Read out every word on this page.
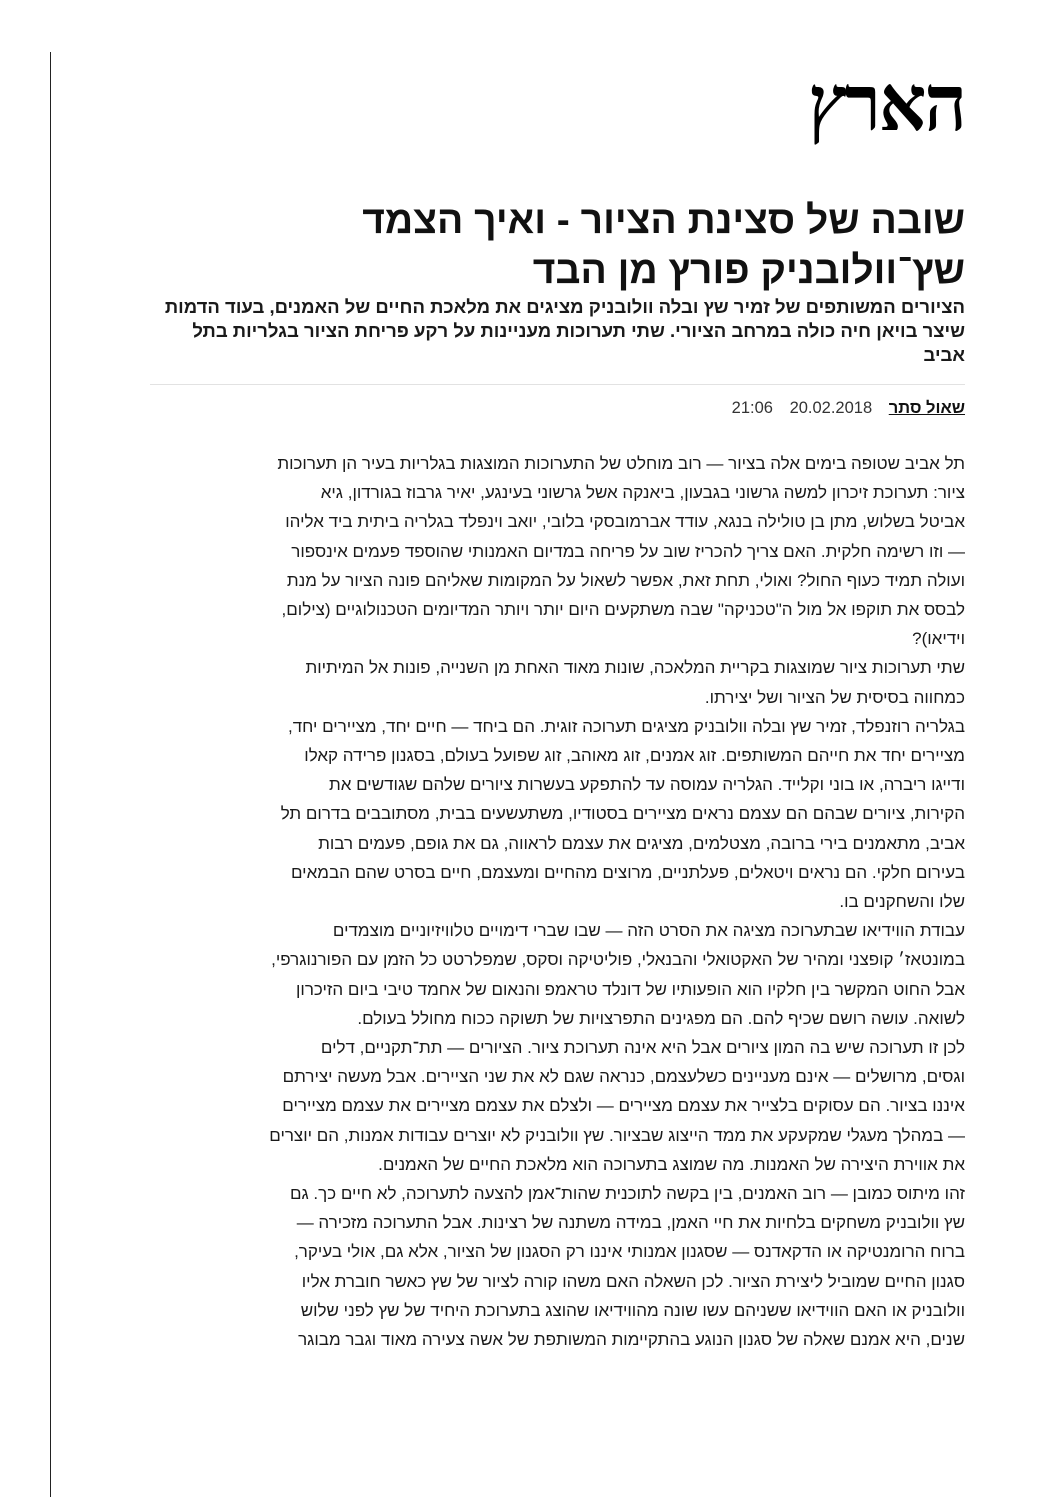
הארץ
שובה של סצינת הציור - ואיך הצמד שץ־וולובניק פורץ מן הבד

הציורים המשותפים של זמיר שץ ובלה וולובניק מציגים את מלאכת החיים של האמנים, בעוד הדמות שיצר בויאן חיה כולה במרחב הציורי. שתי תערוכות מעניינות על רקע פריחת הציור בגלריות בתל אביב

שאול סתר 20.02.2018 21:06

תל אביב שטופה בימים אלה בציור — רוב מוחלט של התערוכות המוצגות בגלריות בעיר הן תערוכות

ציור: תערוכת זיכרון למשה גרשוני בגבעון, ביאנקה אשל גרשוני בעינגע, יאיר גרבוז בגורדון, גיא

אביטל בשלוש, מתן בן טולילה בנגא, עודד אברמובסקי בלובי, יואב וינפלד בגלריה ביתית ביד אליהו

— וזו רשימה חלקית. האם צריך להכריז שוב על פריחה במדיום האמנותי שהוספד פעמים אינספור

ועולה תמיד כעוף החול? ואולי, תחת זאת, אפשר לשאול על המקומות שאליהם פונה הציור על מנת

לבסס את תוקפו אל מול ה"טכניקה" שבה משתקעים היום יותר ויותר המדיומים הטכנולוגיים (צילום,

וידיאו)?

שתי תערוכות ציור שמוצגות בקריית המלאכה, שונות מאוד האחת מן השנייה, פונות אל המיתיות

כמחווה בסיסית של הציור ושל יצירתו.

בגלריה רוזנפלד, זמיר שץ ובלה וולובניק מציגים תערוכה זוגית. הם ביחד — חיים יחד, מציירים יחד,

מציירים יחד את חייהם המשותפים. זוג אמנים, זוג מאוהב, זוג שפועל בעולם, בסגנון פרידה קאלו

ודייגו ריברה, או בוני וקלייד. הגלריה עמוסה עד להתפקע בעשרות ציורים שלהם שגודשים את

הקירות, ציורים שבהם הם עצמם נראים מציירים בסטודיו, משתעשעים בבית, מסתובבים בדרום תל

אביב, מתאמנים בירי ברובה, מצטלמים, מציגים את עצמם לראווה, גם את גופם, פעמים רבות

בעירום חלקי. הם נראים ויטאלים, פעלתניים, מרוצים מהחיים ומעצמם, חיים בסרט שהם הבמאים

שלו והשחקנים בו.

עבודת הווידיאו שבתערוכה מציגה את הסרט הזה — שבו שברי דימויים טלוויזיוניים מוצמדים

במונטאז׳ קופצני ומהיר של האקטואלי והבנאלי, פוליטיקה וסקס, שמפלרטט כל הזמן עם הפורנוגרפי,

אבל החוט המקשר בין חלקיו הוא הופעותיו של דונלד טראמפ והנאום של אחמד טיבי ביום הזיכרון

לשואה. עושה רושם שכיף להם. הם מפגינים התפרצויות של תשוקה ככוח מחולל בעולם.

לכן זו תערוכה שיש בה המון ציורים אבל היא אינה תערוכת ציור. הציורים — תת־תקניים, דלים

וגסים, מרושלים — אינם מעניינים כשלעצמם, כנראה שגם לא את שני הציירים. אבל מעשה יצירתם

איננו בציור. הם עסוקים בלצייר את עצמם מציירים — ולצלם את עצמם מציירים את עצמם מציירים

— במהלך מעגלי שמקעקע את ממד הייצוג שבציור. שץ וולובניק לא יוצרים עבודות אמנות, הם יוצרים

את אווירת היצירה של האמנות. מה שמוצג בתערוכה הוא מלאכת החיים של האמנים.

זהו מיתוס כמובן — רוב האמנים, בין בקשה לתוכנית שהות־אמן להצעה לתערוכה, לא חיים כך. גם

שץ וולובניק משחקים בלחיות את חיי האמן, במידה משתנה של רצינות. אבל התערוכה מזכירה —

ברוח הרומנטיקה או הדקאדנס — שסגנון אמנותי איננו רק הסגנון של הציור, אלא גם, אולי בעיקר,

סגנון החיים שמוביל ליצירת הציור. לכן השאלה האם משהו קורה לציור של שץ כאשר חוברת אליו

וולובניק או האם הווידיאו ששניהם עשו שונה מהווידיאו שהוצג בתערוכת היחיד של שץ לפני שלוש

שנים, היא אמנם שאלה של סגנון הנוגע בהתקיימות המשותפת של אשה צעירה מאוד וגבר מבוגר
